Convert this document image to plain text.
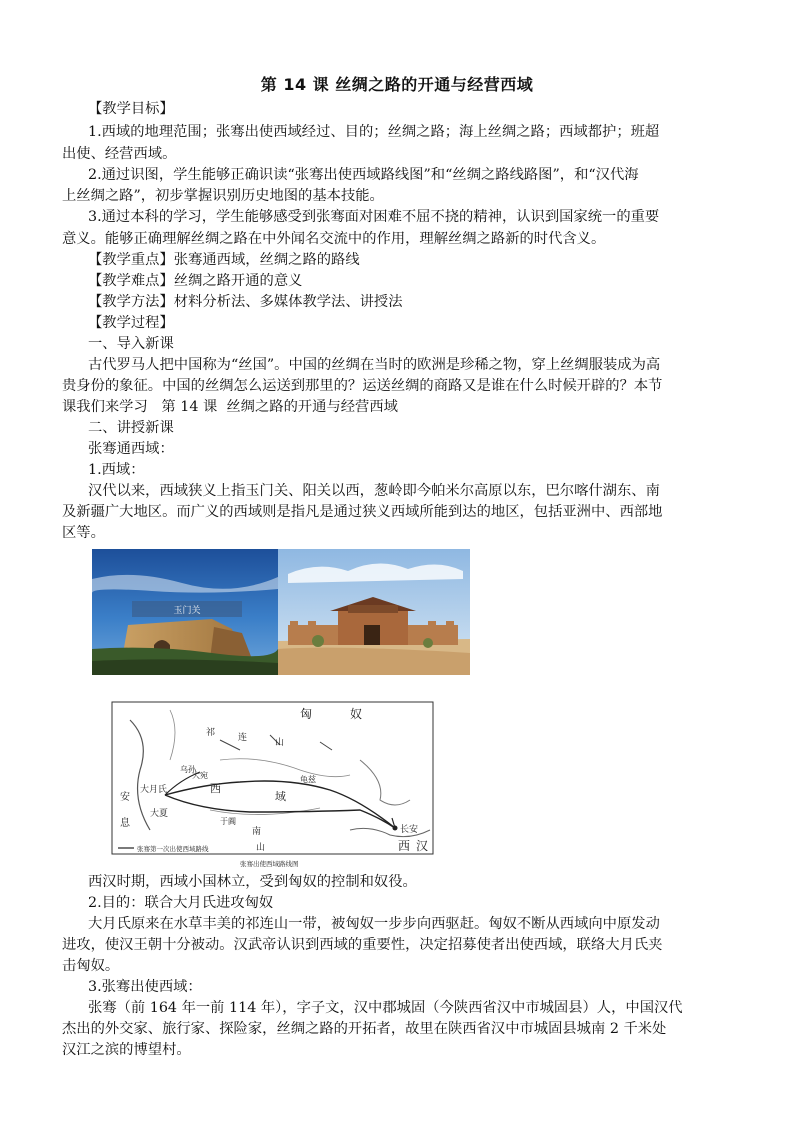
第 14 课 丝绸之路的开通与经营西域
【教学目标】
1.西域的地理范围；张骞出使西域经过、目的；丝绸之路；海上丝绸之路；西域都护；班超
出使、经营西域。
2.通过识图，学生能够正确识读“张骞出使西域路线图”和“丝绸之路线路图”，和“汉代海
上丝绸之路”，初步掌握识别历史地图的基本技能。
3.通过本科的学习，学生能够感受到张骞面对困难不屈不挠的精神，认识到国家统一的重要
意义。能够正确理解丝绸之路在中外闻名交流中的作用，理解丝绸之路新的时代含义。
【教学重点】张骞通西域，丝绸之路的路线
【教学难点】丝绸之路开通的意义
【教学方法】材料分析法、多媒体教学法、讲授法
【教学过程】
一、导入新课
古代罗马人把中国称为“丝国”。中国的丝绸在当时的欧洲是珍稀之物，穿上丝绸服装成为高
贵身份的象征。中国的丝绸怎么运送到那里的？运送丝绸的商路又是谁在什么时候开辟的？本节
课我们来学习   第 14 课  丝绸之路的开通与经营西域
二、讲授新课
张骞通西域：
1.西域：
汉代以来，西域狭义上指玉门关、阳关以西，葱岭即今帕米尔高原以东，巴尔喀什湖东、南
及新疆广大地区。而广义的西域则是指凡是通过狭义西域所能到达的地区，包括亚洲中、西部地
区等。
玉门关
匈	奴
祁	连	山
乌孙
西
域
龟兹
于阗
大宛
大月氏
大夏
安
息
南
山
长安
西 汉
张骞第一次出使西域路线
张骞出使西域路线图
西汉时期，西域小国林立，受到匈奴的控制和奴役。
2.目的：联合大月氏进攻匈奴
大月氏原来在水草丰美的祁连山一带，被匈奴一步步向西驱赶。匈奴不断从西域向中原发动
进攻，使汉王朝十分被动。汉武帝认识到西域的重要性，决定招募使者出使西域，联络大月氏夹
击匈奴。
3.张骞出使西域：
张骞（前 164 年一前 114 年），字子文，汉中郡城固（今陕西省汉中市城固县）人，中国汉代
杰出的外交家、旅行家、探险家，丝绸之路的开拓者，故里在陕西省汉中市城固县城南 2 千米处
汉江之滨的博望村。
